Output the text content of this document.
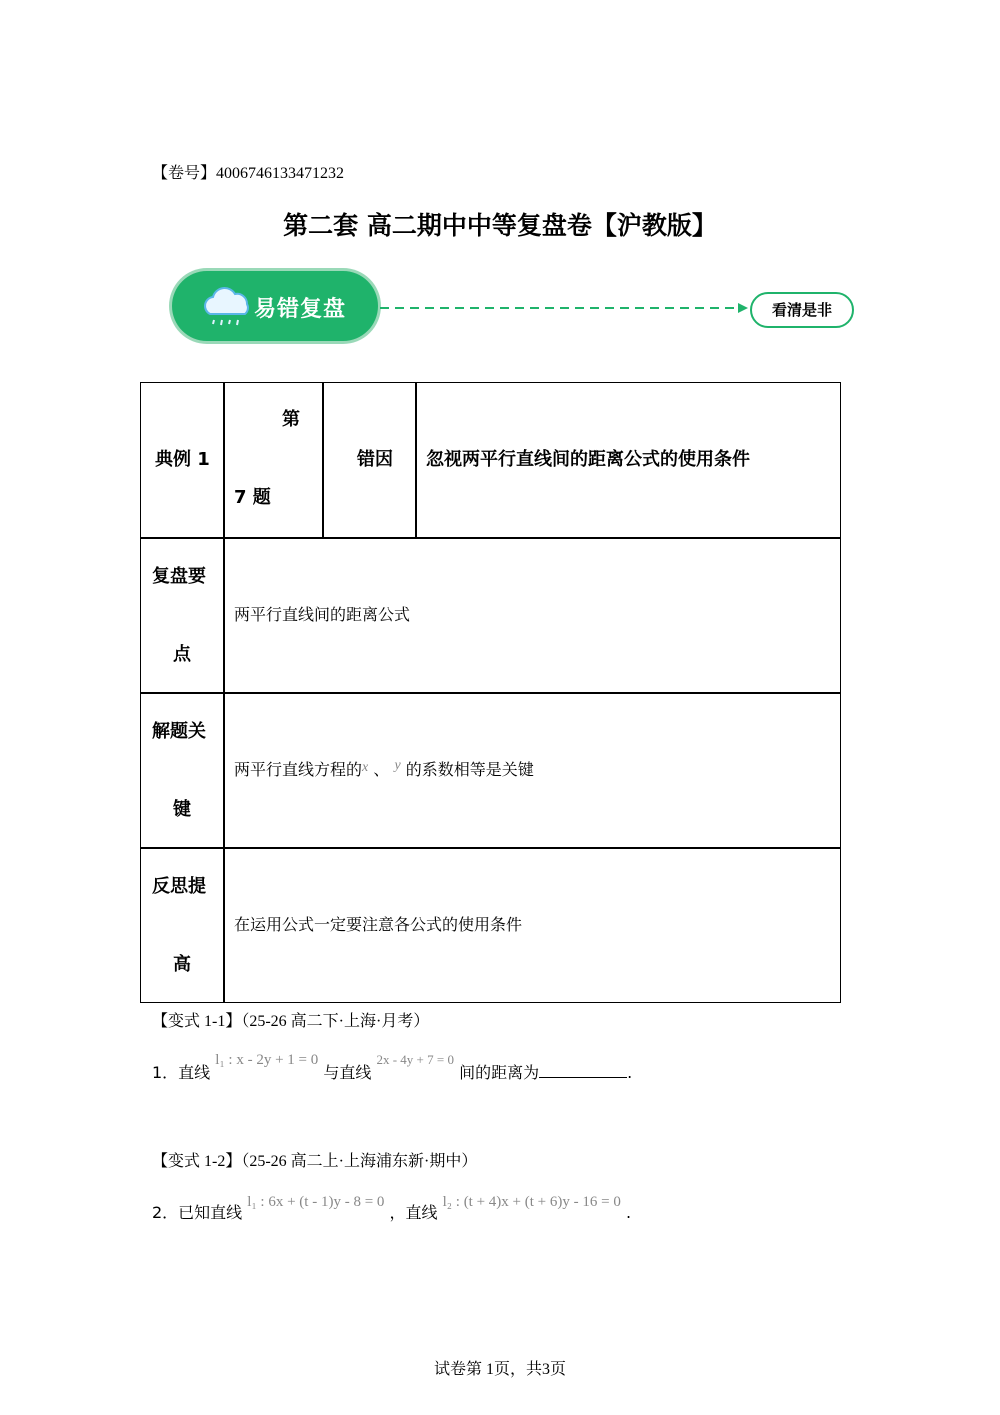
【卷号】4006746133471232
第二套 高二期中中等复盘卷【沪教版】
易错复盘	看清是非
典例 1
第
7 题
错因 忽视两平行直线间的距离公式的使用条件
复盘要
点
两平行直线间的距离公式
解题关
键
两平行直线方程的x 、 y 的系数相等是关键
反思提
高
在运用公式一定要注意各公式的使用条件
【变式 1-1】（25-26 高二下·上海·月考）
1．直线 l₁ : x - 2y + 1 = 0 与直线 2x - 4y + 7 = 0 间的距离为	.
【变式 1-2】（25-26 高二上·上海浦东新·期中）
2．已知直线 l₁ : 6x + (t - 1)y - 8 = 0 ，直线 l₂ : (t + 4)x + (t + 6)y - 16 = 0 .
试卷第 1页，共3页
